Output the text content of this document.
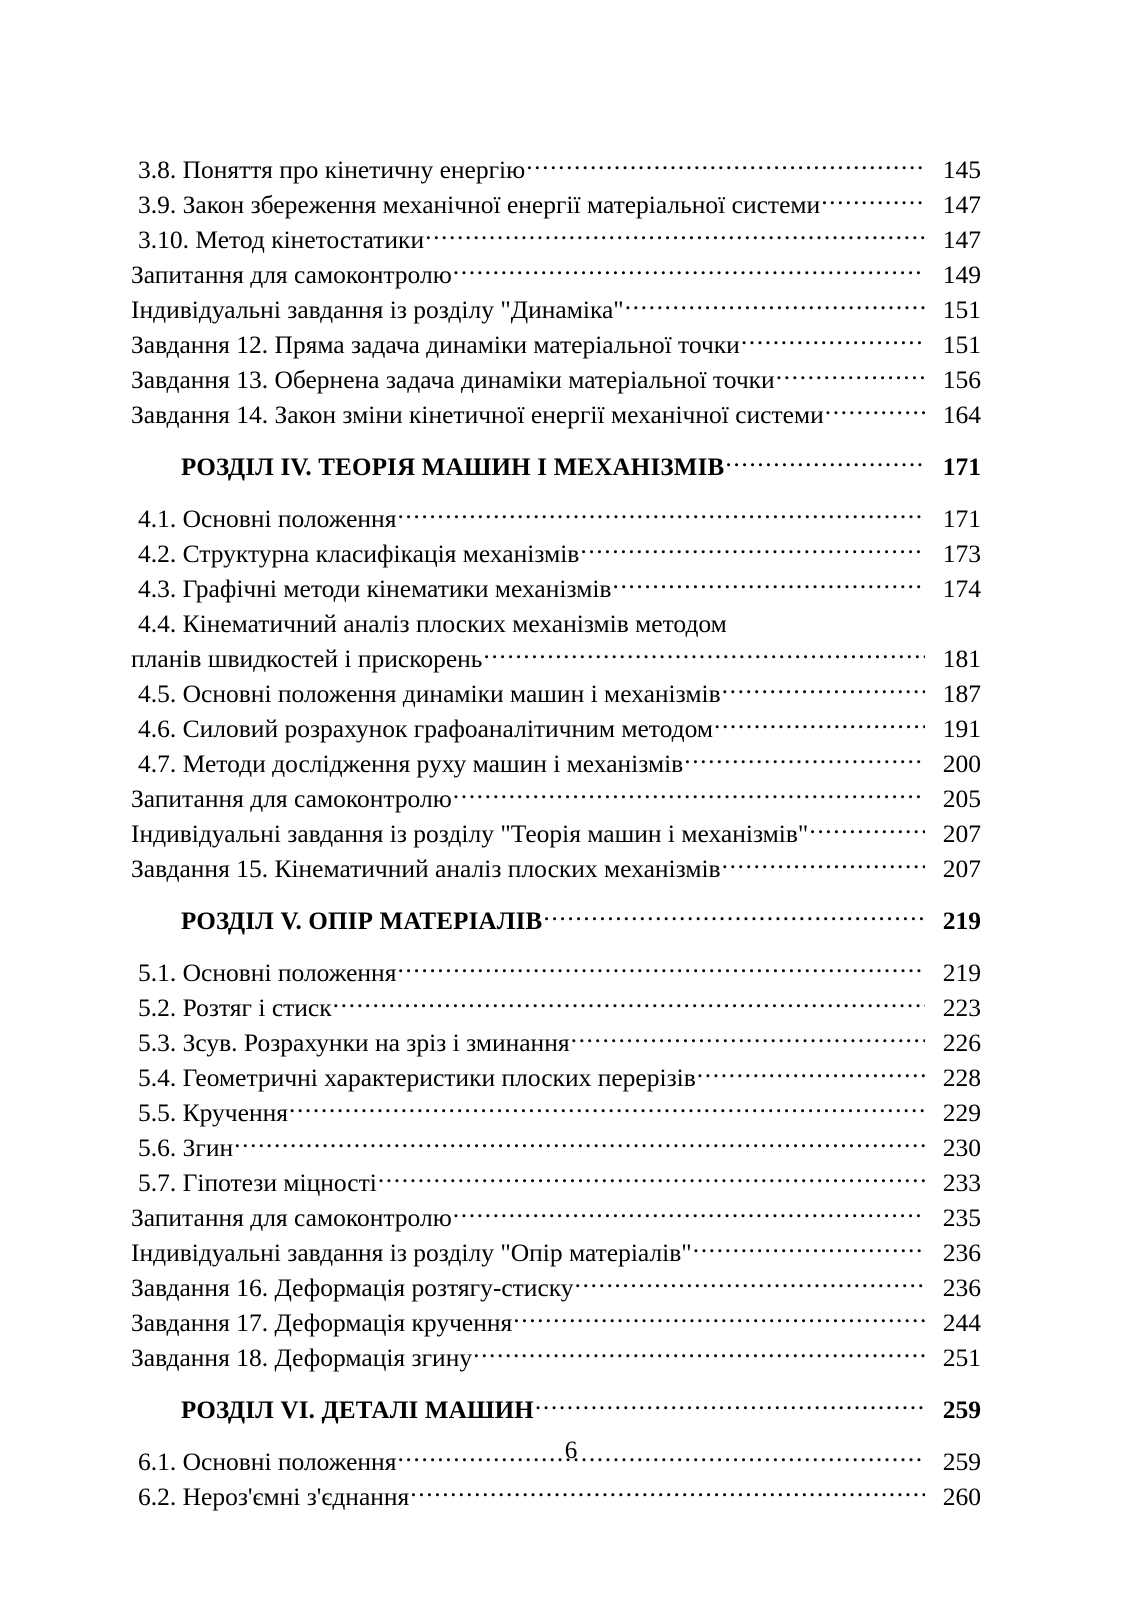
3.8. Поняття про кінетичну енергію .....	145
3.9. Закон збереження механічної енергії матеріальної системи .....	147
3.10. Метод кінетостатики .....	147
Запитання для самоконтролю .....	149
Індивідуальні завдання із розділу "Динаміка" .....	151
Завдання 12. Пряма задача динаміки матеріальної точки .....	151
Завдання 13. Обернена задача динаміки матеріальної точки .....	156
Завдання 14. Закон зміни кінетичної енергії механічної системи .....	164
РОЗДІЛ IV. ТЕОРІЯ МАШИН І МЕХАНІЗМІВ .....	171
4.1. Основні положення .....	171
4.2. Структурна класифікація механізмів .....	173
4.3. Графічні методи кінематики механізмів .....	174
4.4. Кінематичний аналіз плоских механізмів методом
планів швидкостей і прискорень .....	181
4.5. Основні положення динаміки машин і механізмів .....	187
4.6. Силовий розрахунок графоаналітичним методом .....	191
4.7. Методи дослідження руху машин і механізмів .....	200
Запитання для самоконтролю .....	205
Індивідуальні завдання із розділу "Теорія машин і механізмів" .....	207
Завдання 15. Кінематичний аналіз плоских механізмів .....	207
РОЗДІЛ V. ОПІР МАТЕРІАЛІВ .....	219
5.1. Основні положення .....	219
5.2. Розтяг і стиск .....	223
5.3. Зсув. Розрахунки на зріз і зминання .....	226
5.4. Геометричні характеристики плоских перерізів .....	228
5.5. Кручення .....	229
5.6. Згин .....	230
5.7. Гіпотези міцності .....	233
Запитання для самоконтролю .....	235
Індивідуальні завдання із розділу "Опір матеріалів" .....	236
Завдання 16. Деформація розтягу-стиску .....	236
Завдання 17. Деформація кручення .....	244
Завдання 18. Деформація згину .....	251
РОЗДІЛ VI. ДЕТАЛІ МАШИН .....	259
6.1. Основні положення .....	259
6.2. Нероз'ємні з'єднання .....	260
6
